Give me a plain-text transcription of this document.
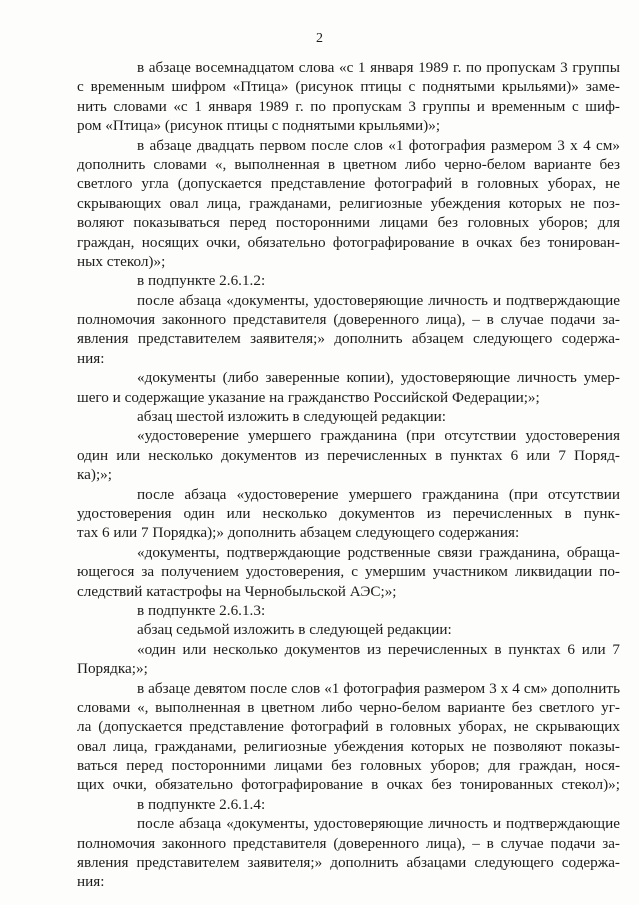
2
в абзаце восемнадцатом слова «с 1 января 1989 г. по пропускам 3 группы
с временным шифром «Птица» (рисунок птицы с поднятыми крыльями)» заме-
нить словами «с 1 января 1989 г. по пропускам 3 группы и временным с шиф-
ром «Птица» (рисунок птицы с поднятыми крыльями)»;
в абзаце двадцать первом после слов «1 фотография размером 3 х 4 см»
дополнить словами «, выполненная в цветном либо черно-белом варианте без
светлого угла (допускается представление фотографий в головных уборах, не
скрывающих овал лица, гражданами, религиозные убеждения которых не поз-
воляют показываться перед посторонними лицами без головных уборов; для
граждан, носящих очки, обязательно фотографирование в очках без тонирован-
ных стекол)»;
в подпункте 2.6.1.2:
после абзаца «документы, удостоверяющие личность и подтверждающие
полномочия законного представителя (доверенного лица), – в случае подачи за-
явления представителем заявителя;» дополнить абзацем следующего содержа-
ния:
«документы (либо заверенные копии), удостоверяющие личность умер-
шего и содержащие указание на гражданство Российской Федерации;»;
абзац шестой изложить в следующей редакции:
«удостоверение умершего гражданина (при отсутствии удостоверения
один или несколько документов из перечисленных в пунктах 6 или 7 Поряд-
ка);»;
после абзаца «удостоверение умершего гражданина (при отсутствии
удостоверения один или несколько документов из перечисленных в пунк-
тах 6 или 7 Порядка);» дополнить абзацем следующего содержания:
«документы, подтверждающие родственные связи гражданина, обраща-
ющегося за получением удостоверения, с умершим участником ликвидации по-
следствий катастрофы на Чернобыльской АЭС;»;
в подпункте 2.6.1.3:
абзац седьмой изложить в следующей редакции:
«один или несколько документов из перечисленных в пунктах 6 или 7
Порядка;»;
в абзаце девятом после слов «1 фотография размером 3 х 4 см» дополнить
словами «, выполненная в цветном либо черно-белом варианте без светлого уг-
ла (допускается представление фотографий в головных уборах, не скрывающих
овал лица, гражданами, религиозные убеждения которых не позволяют показы-
ваться перед посторонними лицами без головных уборов; для граждан, нося-
щих очки, обязательно фотографирование в очках без тонированных стекол)»;
в подпункте 2.6.1.4:
после абзаца «документы, удостоверяющие личность и подтверждающие
полномочия законного представителя (доверенного лица), – в случае подачи за-
явления представителем заявителя;» дополнить абзацами следующего содержа-
ния:
